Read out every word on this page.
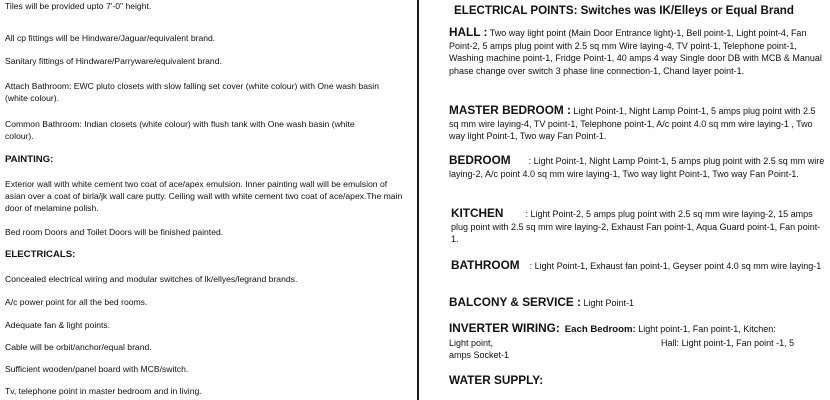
Tiles will be provided upto 7'-0" height.
All cp fittings will be Hindware/Jaguar/equivalent brand.
Sanitary fittings of Hindware/Parryware/equivalent brand.
Attach Bathroom: EWC pluto closets with slow falling set cover (white colour) with One wash basin (white colour).
Common Bathroom: Indian closets (white colour) with flush tank with One wash basin (white colour).
PAINTING:
Exterior wall with white cement two coat of ace/apex emulsion. Inner painting wall will be emulsion of asian over a coat of birla/jk wall care putty. Ceiling wall with white cement two coat of ace/apex.The main door of melamine polish.
Bed room Doors and Toilet Doors will be finished painted.
ELECTRICALS:
Concealed electrical wiring and modular switches of lk/ellyes/legrand brands.
A/c power point for all the bed rooms.
Adequate fan & light points.
Cable will be orbit/anchor/equal brand.
Sufficient wooden/panel board with MCB/switch.
Tv, telephone point in master bedroom and in living.
ELECTRICAL POINTS: Switches was IK/Elleys or Equal Brand
HALL : Two way light point (Main Door Entrance light)-1, Bell point-1, Light point-4, Fan Point-2, 5 amps plug point with 2.5 sq mm Wire laying-4, TV point-1, Telephone point-1, Washing machine point-1, Fridge Point-1, 40 amps 4 way Single door DB with MCB & Manual phase change over switch 3 phase line connection-1, Chand layer point-1.
MASTER BEDROOM : Light Point-1, Night Lamp Point-1, 5 amps plug point with 2.5 sq mm wire laying-4, TV point-1, Telephone point-1, A/c point 4.0 sq mm wire laying-1 , Two way light Point-1, Two way Fan Point-1.
BEDROOM : Light Point-1, Night Lamp Point-1, 5 amps plug point with 2.5 sq mm wire laying-2, A/c point 4.0 sq mm wire laying-1, Two way light Point-1, Two way Fan Point-1.
KITCHEN : Light Point-2, 5 amps plug point with 2.5 sq mm wire laying-2, 15 amps plug point with 2.5 sq mm wire laying-2, Exhaust Fan point-1, Aqua Guard point-1, Fan point-1.
BATHROOM : Light Point-1, Exhaust fan point-1, Geyser point 4.0 sq mm wire laying-1
BALCONY & SERVICE : Light Point-1
INVERTER WIRING: Each Bedroom: Light point-1, Fan point-1, Kitchen:
Light point,	Hall: Light point-1, Fan point -1, 5
amps Socket-1
WATER SUPPLY:
